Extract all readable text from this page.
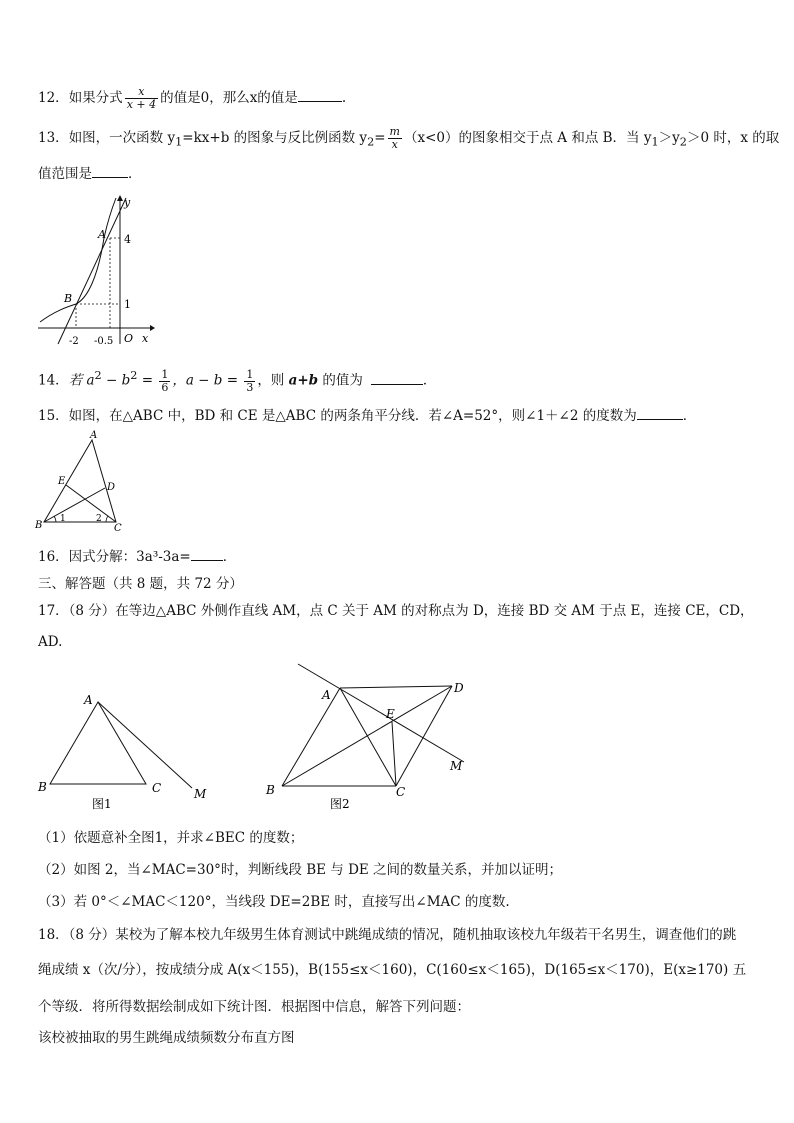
12．如果分式 $\frac{x}{x + 4}$ 的值是0，那么x的值是	.
13．如图，一次函数 $y_1=kx+b$ 的图象与反比例函数 $y_2= \frac{m}{x} (x<0)$的图象相交于点 A 和点 B．当 $y_1>y_2>0$ 时，x 的取
值范围是	．
y
x
O
A
B
4
1
-2 -0.5
14．若 $a^2 - b^2 = \frac{1}{6}$ ，$a - b = \frac{1}{3}$ ，则 a+b 的值为	．
15．如图，在△ABC 中，BD 和 CE 是△ABC 的两条角平分线．若∠A=52°，则∠1＋∠2 的度数为	．
A
B	C
D
E
1	2
16．因式分解：3a³-3a= ．
三、解答题（共 8 题，共 72 分）
17．（8 分）在等边△ABC 外侧作直线 AM，点 C 关于 AM 的对称点为 D，连接 BD 交 AM 于点 E，连接 CE，CD，
AD.
A
B	C	M
图1
A
B	C
D
E
M
图2
（1）依题意补全图1，并求∠BEC 的度数；
（2）如图 2，当∠MAC=30°时，判断线段 BE 与 DE 之间的数量关系，并加以证明；
（3）若 0°＜∠MAC＜120°，当线段 DE=2BE 时，直接写出∠MAC 的度数.
18．（8 分）某校为了解本校九年级男生体育测试中跳绳成绩的情况，随机抽取该校九年级若干名男生，调查他们的跳
绳成绩 x（次/分），按成绩分成 A(x＜155)，B(155≤x＜160)，C(160≤x＜165)，D(165≤x＜170)，E(x≥170) 五
个等级．将所得数据绘制成如下统计图．根据图中信息，解答下列问题：
该校被抽取的男生跳绳成绩频数分布直方图
